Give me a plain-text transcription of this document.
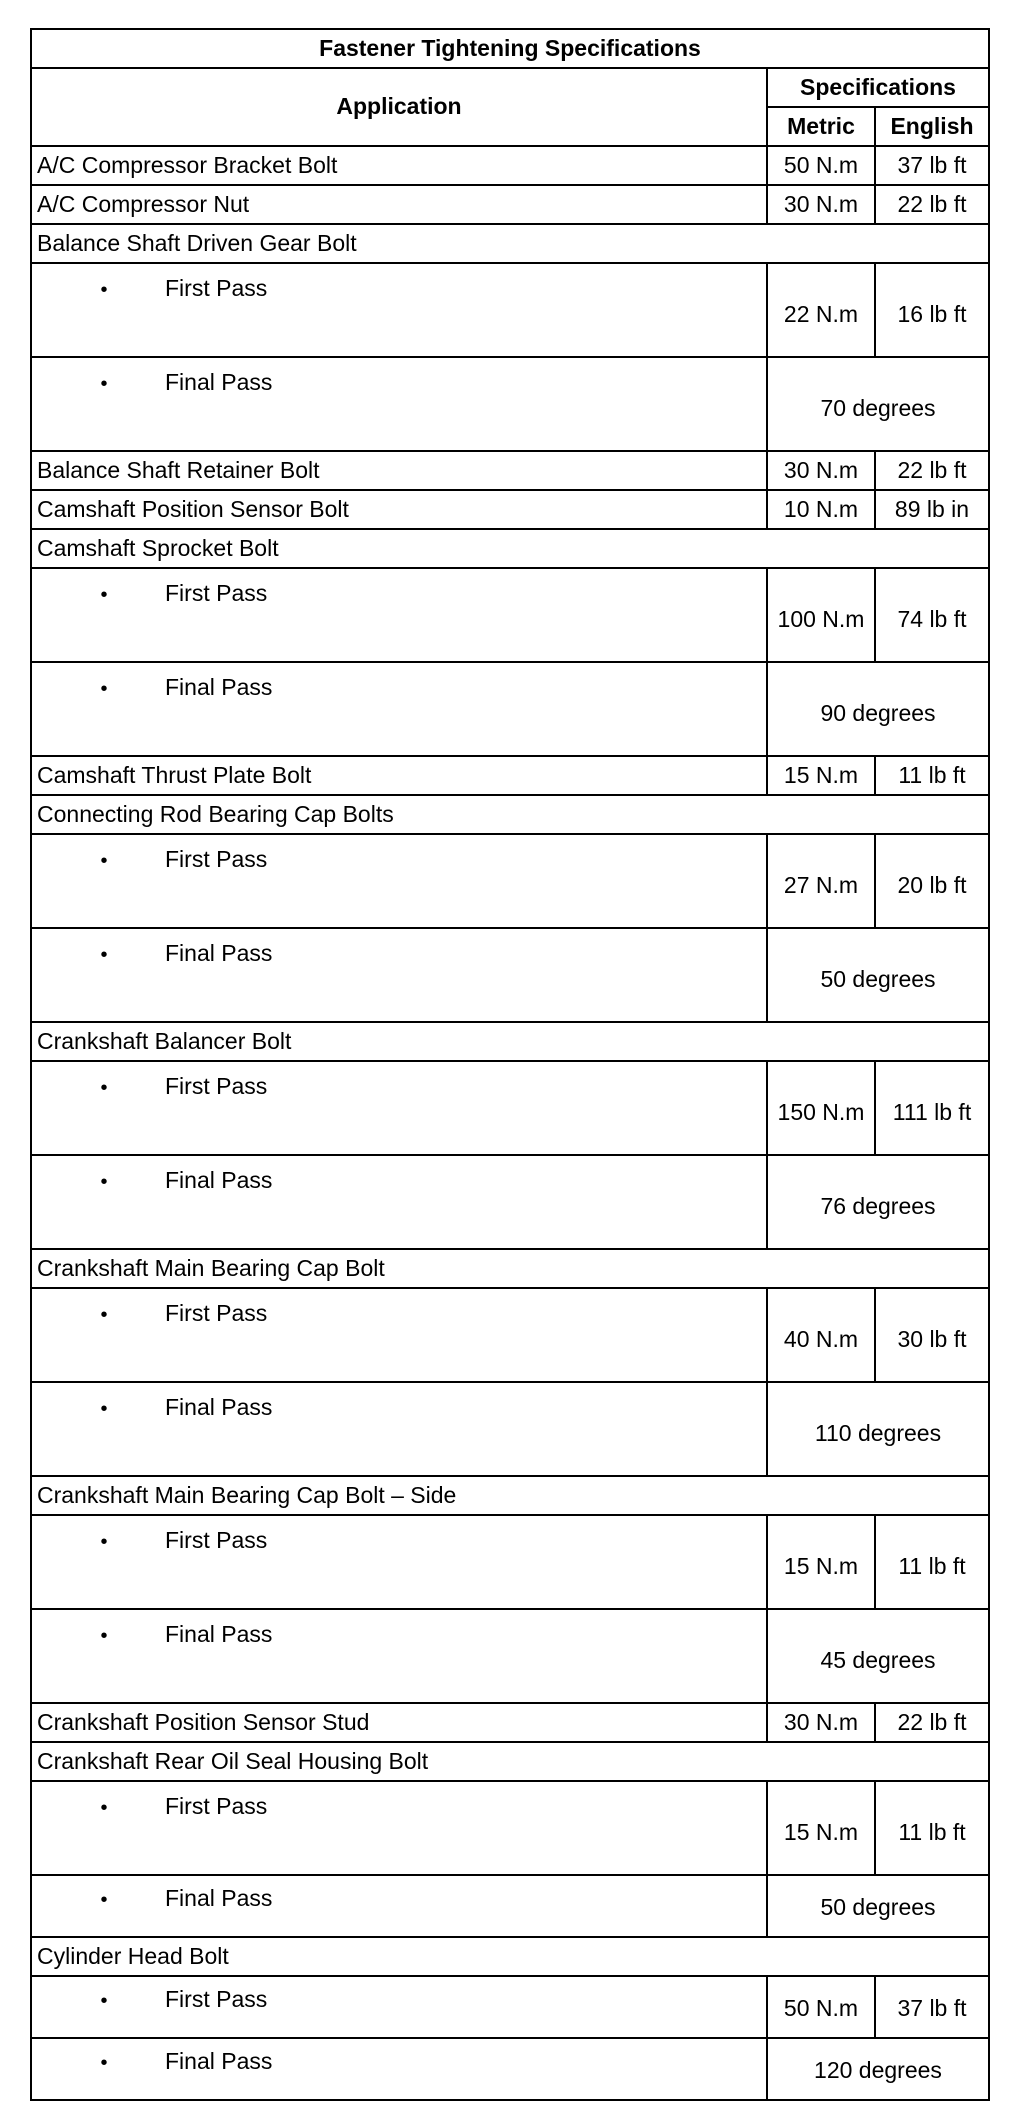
Fastener Tightening Specifications		
Application	Specifications	
	Metric	English
A/C Compressor Bracket Bolt	50 N.m	37 lb ft
A/C Compressor Nut	30 N.m	22 lb ft
Balance Shaft Driven Gear Bolt		
• First Pass	22 N.m	16 lb ft
• Final Pass	70 degrees	
Balance Shaft Retainer Bolt	30 N.m	22 lb ft
Camshaft Position Sensor Bolt	10 N.m	89 lb in
Camshaft Sprocket Bolt		
• First Pass	100 N.m	74 lb ft
• Final Pass	90 degrees	
Camshaft Thrust Plate Bolt	15 N.m	11 lb ft
Connecting Rod Bearing Cap Bolts		
• First Pass	27 N.m	20 lb ft
• Final Pass	50 degrees	
Crankshaft Balancer Bolt		
• First Pass	150 N.m	111 lb ft
• Final Pass	76 degrees	
Crankshaft Main Bearing Cap Bolt		
• First Pass	40 N.m	30 lb ft
• Final Pass	110 degrees	
Crankshaft Main Bearing Cap Bolt – Side		
• First Pass	15 N.m	11 lb ft
• Final Pass	45 degrees	
Crankshaft Position Sensor Stud	30 N.m	22 lb ft
Crankshaft Rear Oil Seal Housing Bolt		
• First Pass	15 N.m	11 lb ft
• Final Pass	50 degrees	
Cylinder Head Bolt		
• First Pass	50 N.m	37 lb ft
• Final Pass	120 degrees	
